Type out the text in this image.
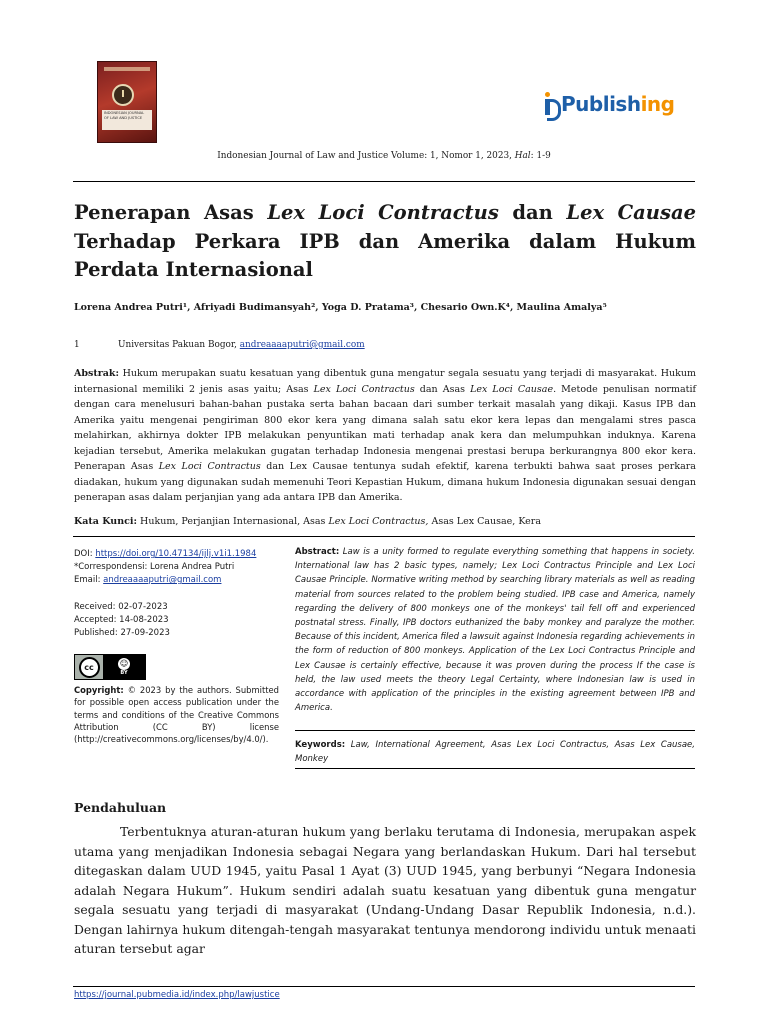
I
INDONESIAN JOURNAL OF LAW AND JUSTICE
Publish ing
Indonesian Journal of Law and Justice Volume: 1, Nomor 1, 2023, Hal: 1-9
Penerapan Asas Lex Loci Contractus dan Lex Causae Terhadap Perkara IPB dan Amerika dalam Hukum Perdata Internasional
Lorena Andrea Putri¹, Afriyadi Budimansyah², Yoga D. Pratama³, Chesario Own.K⁴, Maulina Amalya⁵
1	Universitas Pakuan Bogor, andreaaaaputri@gmail.com
Abstrak: Hukum merupakan suatu kesatuan yang dibentuk guna mengatur segala sesuatu yang terjadi di masyarakat. Hukum internasional memiliki 2 jenis asas yaitu; Asas Lex Loci Contractus dan Asas Lex Loci Causae. Metode penulisan normatif dengan cara menelusuri bahan-bahan pustaka serta bahan bacaan dari sumber terkait masalah yang dikaji. Kasus IPB dan Amerika yaitu mengenai pengiriman 800 ekor kera yang dimana salah satu ekor kera lepas dan mengalami stres pasca melahirkan, akhirnya dokter IPB melakukan penyuntikan mati terhadap anak kera dan melumpuhkan induknya. Karena kejadian tersebut, Amerika melakukan gugatan terhadap Indonesia mengenai prestasi berupa berkurangnya 800 ekor kera. Penerapan Asas Lex Loci Contractus dan Lex Causae tentunya sudah efektif, karena terbukti bahwa saat proses perkara diadakan, hukum yang digunakan sudah memenuhi Teori Kepastian Hukum, dimana hukum Indonesia digunakan sesuai dengan penerapan asas dalam perjanjian yang ada antara IPB dan Amerika.
Kata Kunci: Hukum, Perjanjian Internasional, Asas Lex Loci Contractus, Asas Lex Causae, Kera
DOI: https://doi.org/10.47134/ijlj.v1i1.1984
*Correspondensi: Lorena Andrea Putri
Email: andreaaaaputri@gmail.com
Received: 02-07-2023
Accepted: 14-08-2023
Published: 27-09-2023
cc	☺
BY
Copyright: © 2023 by the authors. Submitted for possible open access publication under the terms and conditions of the Creative Commons Attribution (CC BY) license (http://creativecommons.org/licenses/by/4.0/).
Abstract: Law is a unity formed to regulate everything something that happens in society. International law has 2 basic types, namely; Lex Loci Contractus Principle and Lex Loci Causae Principle. Normative writing method by searching library materials as well as reading material from sources related to the problem being studied. IPB case and America, namely regarding the delivery of 800 monkeys one of the monkeys' tail fell off and experienced postnatal stress. Finally, IPB doctors euthanized the baby monkey and paralyze the mother. Because of this incident, America filed a lawsuit against Indonesia regarding achievements in the form of reduction of 800 monkeys. Application of the Lex Loci Contractus Principle and Lex Causae is certainly effective, because it was proven during the process If the case is held, the law used meets the theory Legal Certainty, where Indonesian law is used in accordance with application of the principles in the existing agreement between IPB and America.
Keywords: Law, International Agreement, Asas Lex Loci Contractus, Asas Lex Causae, Monkey
Pendahuluan

Terbentuknya aturan-aturan hukum yang berlaku terutama di Indonesia, merupakan aspek utama yang menjadikan Indonesia sebagai Negara yang berlandaskan Hukum. Dari hal tersebut ditegaskan dalam UUD 1945, yaitu Pasal 1 Ayat (3) UUD 1945, yang berbunyi “Negara Indonesia adalah Negara Hukum”. Hukum sendiri adalah suatu kesatuan yang dibentuk guna mengatur segala sesuatu yang terjadi di masyarakat (Undang-Undang Dasar Republik Indonesia, n.d.). Dengan lahirnya hukum ditengah-tengah masyarakat tentunya mendorong individu untuk menaati aturan tersebut agar

https://journal.pubmedia.id/index.php/lawjustice
